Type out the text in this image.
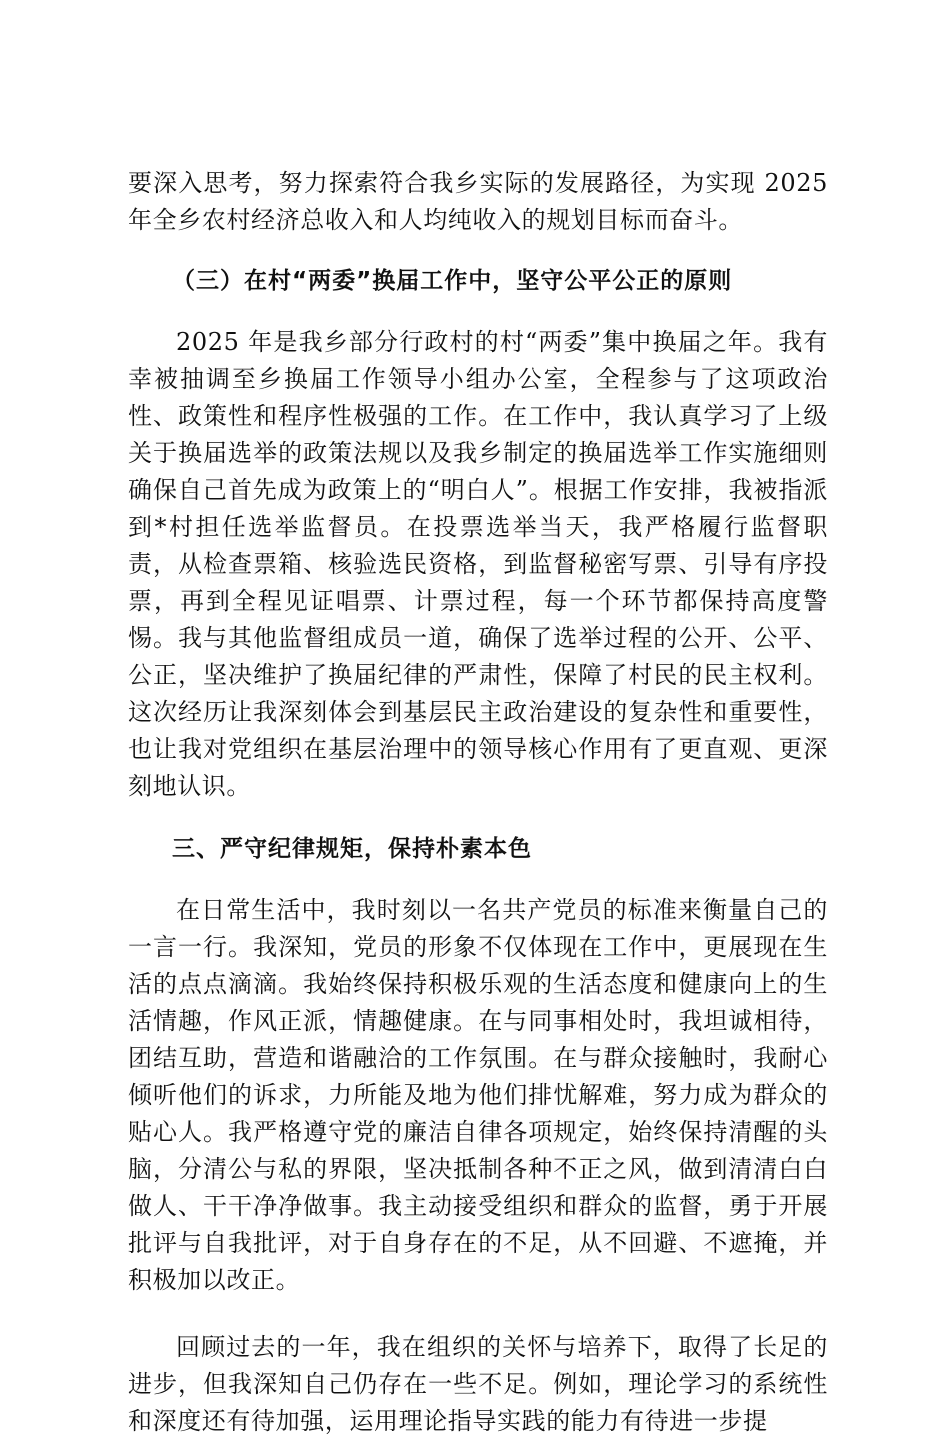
要深入思考，努力探索符合我乡实际的发展路径，为实现 2025 年全乡农村经济总收入和人均纯收入的规划目标而奋斗。

（三）在村“两委”换届工作中，坚守公平公正的原则

2025 年是我乡部分行政村的村“两委”集中换届之年。我有幸被抽调至乡换届工作领导小组办公室，全程参与了这项政治性、政策性和程序性极强的工作。在工作中，我认真学习了上级关于换届选举的政策法规以及我乡制定的换届选举工作实施细则确保自己首先成为政策上的“明白人”。根据工作安排，我被指派到*村担任选举监督员。在投票选举当天，我严格履行监督职责，从检查票箱、核验选民资格，到监督秘密写票、引导有序投票，再到全程见证唱票、计票过程，每一个环节都保持高度警惕。我与其他监督组成员一道，确保了选举过程的公开、公平、公正，坚决维护了换届纪律的严肃性，保障了村民的民主权利。这次经历让我深刻体会到基层民主政治建设的复杂性和重要性，也让我对党组织在基层治理中的领导核心作用有了更直观、更深刻地认识。

三、严守纪律规矩，保持朴素本色

在日常生活中，我时刻以一名共产党员的标准来衡量自己的一言一行。我深知，党员的形象不仅体现在工作中，更展现在生活的点点滴滴。我始终保持积极乐观的生活态度和健康向上的生活情趣，作风正派，情趣健康。在与同事相处时，我坦诚相待，团结互助，营造和谐融洽的工作氛围。在与群众接触时，我耐心倾听他们的诉求，力所能及地为他们排忧解难，努力成为群众的贴心人。我严格遵守党的廉洁自律各项规定，始终保持清醒的头脑，分清公与私的界限，坚决抵制各种不正之风，做到清清白白做人、干干净净做事。我主动接受组织和群众的监督，勇于开展批评与自我批评，对于自身存在的不足，从不回避、不遮掩，并积极加以改正。

回顾过去的一年，我在组织的关怀与培养下，取得了长足的进步，但我深知自己仍存在一些不足。例如，理论学习的系统性和深度还有待加强，运用理论指导实践的能力有待进一步提
